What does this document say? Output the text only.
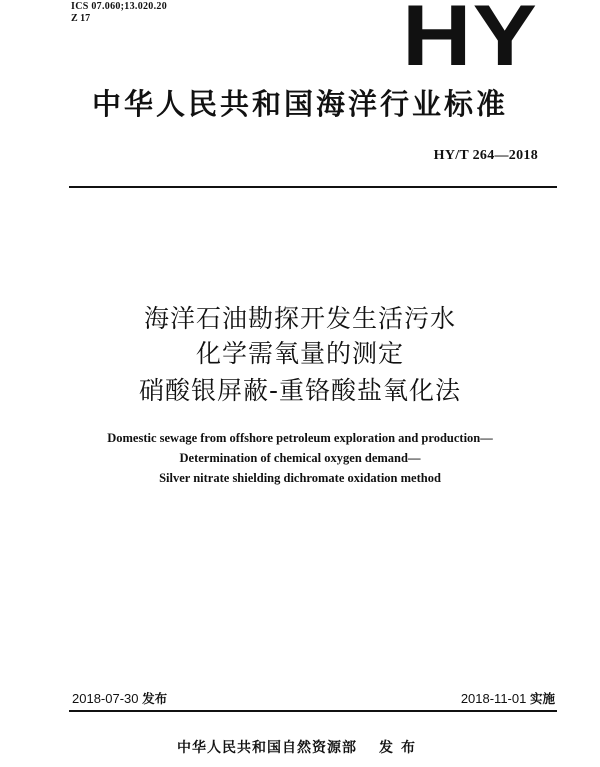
ICS 07.060;13.020.20
Z 17	HY
中华人民共和国海洋行业标准
HY/T 264—2018
海洋石油勘探开发生活污水
化学需氧量的测定
硝酸银屏蔽-重铬酸盐氧化法
Domestic sewage from offshore petroleum exploration and production—
Determination of chemical oxygen demand—
Silver nitrate shielding dichromate oxidation method
2018-07-30 发布	2018-11-01 实施
中华人民共和国自然资源部 发布
